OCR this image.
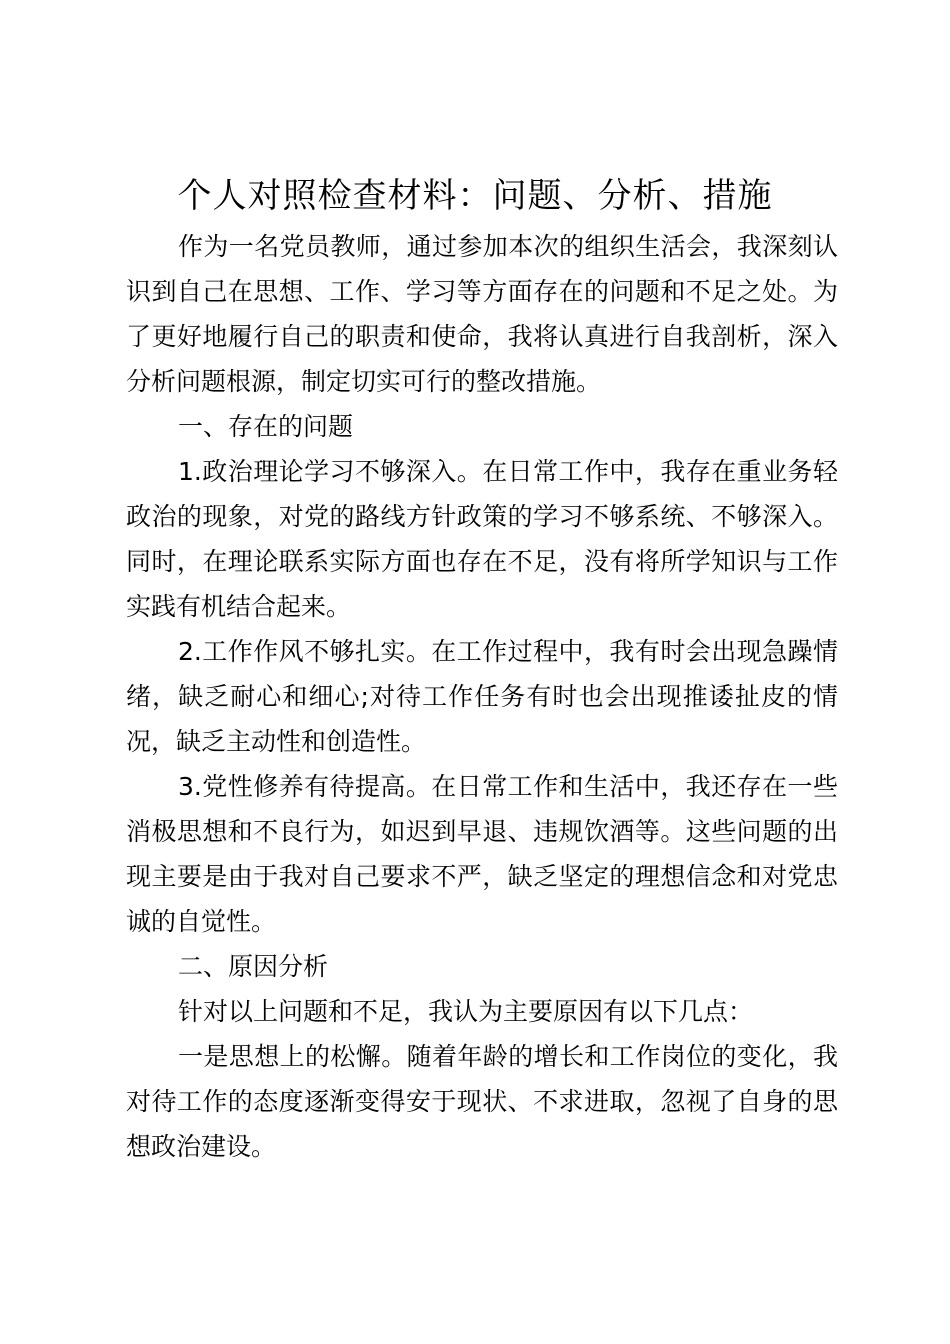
个人对照检查材料：问题、分析、措施

作为一名党员教师，通过参加本次的组织生活会，我深刻认识到自己在思想、工作、学习等方面存在的问题和不足之处。为了更好地履行自己的职责和使命，我将认真进行自我剖析，深入分析问题根源，制定切实可行的整改措施。

一、存在的问题

1.政治理论学习不够深入。在日常工作中，我存在重业务轻政治的现象，对党的路线方针政策的学习不够系统、不够深入。同时，在理论联系实际方面也存在不足，没有将所学知识与工作实践有机结合起来。

2.工作作风不够扎实。在工作过程中，我有时会出现急躁情绪，缺乏耐心和细心;对待工作任务有时也会出现推诿扯皮的情况，缺乏主动性和创造性。

3.党性修养有待提高。在日常工作和生活中，我还存在一些消极思想和不良行为，如迟到早退、违规饮酒等。这些问题的出现主要是由于我对自己要求不严，缺乏坚定的理想信念和对党忠诚的自觉性。

二、原因分析

针对以上问题和不足，我认为主要原因有以下几点：

一是思想上的松懈。随着年龄的增长和工作岗位的变化，我对待工作的态度逐渐变得安于现状、不求进取，忽视了自身的思想政治建设。
